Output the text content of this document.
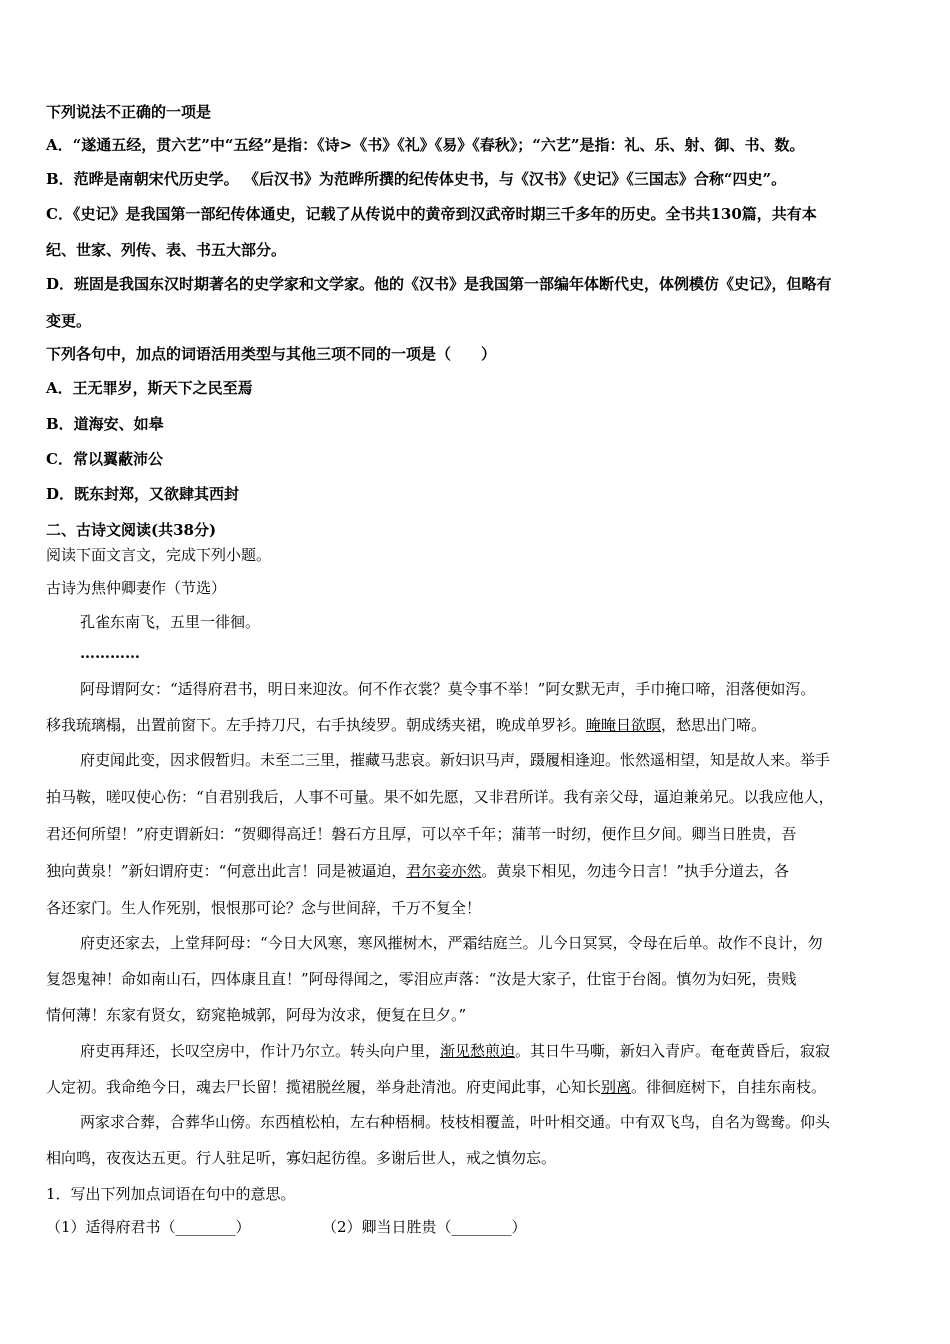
下列说法不正确的一项是
A．“遂通五经，贯六艺”中“五经”是指：《诗>《书》《礼》《易》《春秋》；“六艺”是指：礼、乐、射、御、书、数。
B．范晔是南朝宋代历史学。 《后汉书》为范晔所撰的纪传体史书，与《汉书》《史记》《三国志》合称“四史”。
C．《史记》是我国第一部纪传体通史，记载了从传说中的黄帝到汉武帝时期三千多年的历史。全书共130篇，共有本
纪、世家、列传、表、书五大部分。
D．班固是我国东汉时期著名的史学家和文学家。他的《汉书》是我国第一部编年体断代史，体例模仿《史记》，但略有
变更。
下列各句中，加点的词语活用类型与其他三项不同的一项是（　　）
A．王无罪岁，斯天下之民至焉
B．道海安、如皋
C．常以翼蔽沛公
D．既东封郑，又欲肆其西封
二、古诗文阅读(共38分)
阅读下面文言文，完成下列小题。
古诗为焦仲卿妻作（节选）
孔雀东南飞，五里一徘徊。
…………
阿母谓阿女：“适得府君书，明日来迎汝。何不作衣裳？莫令事不举！”阿女默无声，手巾掩口啼，泪落便如泻。
移我琉璃榻，出置前窗下。左手持刀尺，右手执绫罗。朝成绣夹裙，晚成单罗衫。晻晻日欲暝，愁思出门啼。
府吏闻此变，因求假暂归。未至二三里，摧藏马悲哀。新妇识马声，蹑履相逢迎。怅然遥相望，知是故人来。举手
拍马鞍，嗟叹使心伤：“自君别我后，人事不可量。果不如先愿，又非君所详。我有亲父母，逼迫兼弟兄。以我应他人，
君还何所望！”府吏谓新妇：“贺卿得高迁！磐石方且厚，可以卒千年；蒲苇一时纫，便作旦夕间。卿当日胜贵，吾
独向黄泉！”新妇谓府吏：“何意出此言！同是被逼迫，君尔妾亦然。黄泉下相见，勿违今日言！”执手分道去，各
各还家门。生人作死别，恨恨那可论？念与世间辞，千万不复全！
府吏还家去，上堂拜阿母：“今日大风寒，寒风摧树木，严霜结庭兰。儿今日冥冥，令母在后单。故作不良计，勿
复怨鬼神！命如南山石，四体康且直！”阿母得闻之，零泪应声落：“汝是大家子，仕宦于台阁。慎勿为妇死，贵贱
情何薄！东家有贤女，窈窕艳城郭，阿母为汝求，便复在旦夕。”
府吏再拜还，长叹空房中，作计乃尔立。转头向户里，渐见愁煎迫。其日牛马嘶，新妇入青庐。奄奄黄昏后，寂寂
人定初。我命绝今日，魂去尸长留！揽裙脱丝履，举身赴清池。府吏闻此事，心知长别离。徘徊庭树下，自挂东南枝。
两家求合葬，合葬华山傍。东西植松柏，左右种梧桐。枝枝相覆盖，叶叶相交通。中有双飞鸟，自名为鸳鸯。仰头
相向鸣，夜夜达五更。行人驻足听，寡妇起彷徨。多谢后世人，戒之慎勿忘。
1．写出下列加点词语在句中的意思。
（1）适得府君书（________）	（2）卿当日胜贵（________）
